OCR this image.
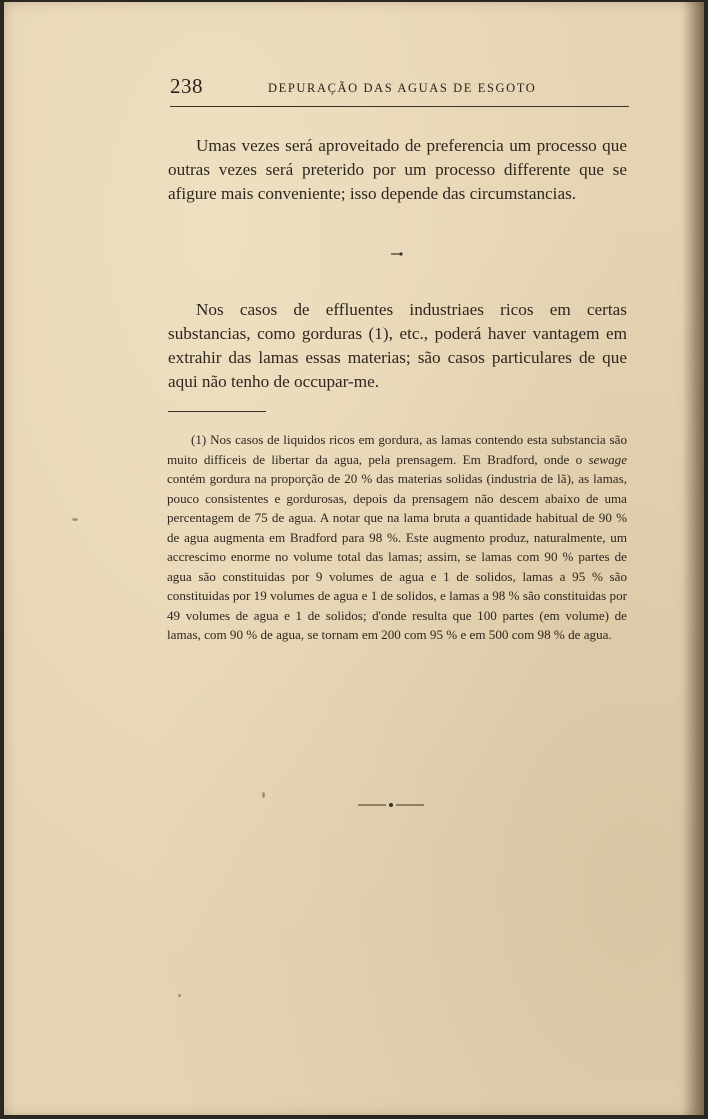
238	DEPURAÇÃO DAS AGUAS DE ESGOTO

Umas vezes será aproveitado de preferencia um processo que outras vezes será preterido por um processo differente que se afigure mais conveniente; isso depende das circumstancias.

Nos casos de effluentes industriaes ricos em certas substancias, como gorduras (1), etc., poderá haver vantagem em extrahir das lamas essas materias; são casos particulares de que aqui não tenho de occupar-me.

(1) Nos casos de liquidos ricos em gordura, as lamas contendo esta substancia são muito difficeis de libertar da agua, pela prensagem. Em Bradford, onde o sewage contém gordura na proporção de 20 % das materias solidas (industria de lã), as lamas, pouco consistentes e gordurosas, depois da prensagem não descem abaixo de uma percentagem de 75 de agua. A notar que na lama bruta a quantidade habitual de 90 % de agua augmenta em Bradford para 98 %. Este augmento produz, naturalmente, um accrescimo enorme no volume total das lamas; assim, se lamas com 90 % partes de agua são constituidas por 9 volumes de agua e 1 de solidos, lamas a 95 % são constituidas por 19 volumes de agua e 1 de solidos, e lamas a 98 % são constituidas por 49 volumes de agua e 1 de solidos; d'onde resulta que 100 partes (em volume) de lamas, com 90 % de agua, se tornam em 200 com 95 % e em 500 com 98 % de agua.
